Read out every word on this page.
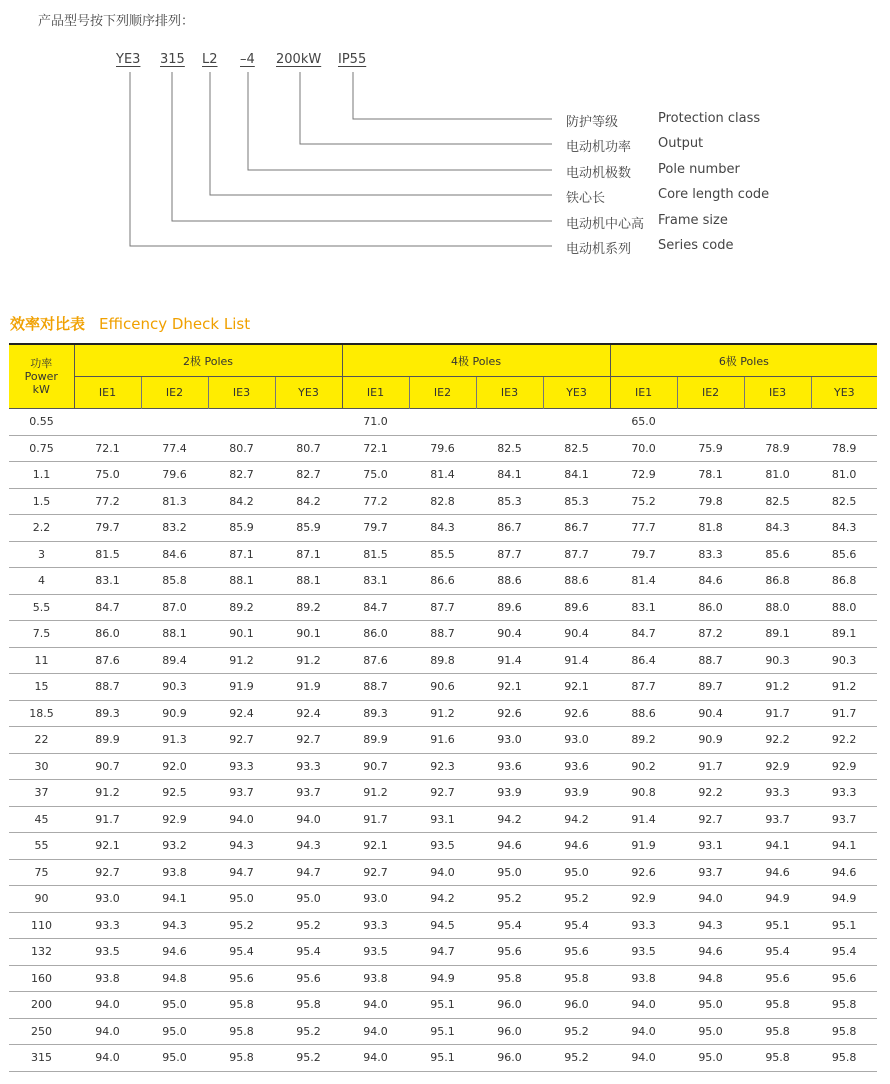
产品型号按下列顺序排列：
YE3 315 L2 –4 200kW IP55
防护等级	Protection class
电动机功率 Output
电动机极数 Pole number
铁心长	Core length code
电动机中心高 Frame size
电动机系列 Series code
效率对比表 Efficency Dheck List
功率
Power
kW	2极 Poles				4极 Poles				6极 Poles			
	IE1	IE2	IE3	YE3	IE1	IE2	IE3	YE3	IE1	IE2	IE3	YE3
0.55					71.0				65.0			
0.75	72.1	77.4	80.7	80.7	72.1	79.6	82.5	82.5	70.0	75.9	78.9	78.9
1.1	75.0	79.6	82.7	82.7	75.0	81.4	84.1	84.1	72.9	78.1	81.0	81.0
1.5	77.2	81.3	84.2	84.2	77.2	82.8	85.3	85.3	75.2	79.8	82.5	82.5
2.2	79.7	83.2	85.9	85.9	79.7	84.3	86.7	86.7	77.7	81.8	84.3	84.3
3	81.5	84.6	87.1	87.1	81.5	85.5	87.7	87.7	79.7	83.3	85.6	85.6
4	83.1	85.8	88.1	88.1	83.1	86.6	88.6	88.6	81.4	84.6	86.8	86.8
5.5	84.7	87.0	89.2	89.2	84.7	87.7	89.6	89.6	83.1	86.0	88.0	88.0
7.5	86.0	88.1	90.1	90.1	86.0	88.7	90.4	90.4	84.7	87.2	89.1	89.1
11	87.6	89.4	91.2	91.2	87.6	89.8	91.4	91.4	86.4	88.7	90.3	90.3
15	88.7	90.3	91.9	91.9	88.7	90.6	92.1	92.1	87.7	89.7	91.2	91.2
18.5	89.3	90.9	92.4	92.4	89.3	91.2	92.6	92.6	88.6	90.4	91.7	91.7
22	89.9	91.3	92.7	92.7	89.9	91.6	93.0	93.0	89.2	90.9	92.2	92.2
30	90.7	92.0	93.3	93.3	90.7	92.3	93.6	93.6	90.2	91.7	92.9	92.9
37	91.2	92.5	93.7	93.7	91.2	92.7	93.9	93.9	90.8	92.2	93.3	93.3
45	91.7	92.9	94.0	94.0	91.7	93.1	94.2	94.2	91.4	92.7	93.7	93.7
55	92.1	93.2	94.3	94.3	92.1	93.5	94.6	94.6	91.9	93.1	94.1	94.1
75	92.7	93.8	94.7	94.7	92.7	94.0	95.0	95.0	92.6	93.7	94.6	94.6
90	93.0	94.1	95.0	95.0	93.0	94.2	95.2	95.2	92.9	94.0	94.9	94.9
110	93.3	94.3	95.2	95.2	93.3	94.5	95.4	95.4	93.3	94.3	95.1	95.1
132	93.5	94.6	95.4	95.4	93.5	94.7	95.6	95.6	93.5	94.6	95.4	95.4
160	93.8	94.8	95.6	95.6	93.8	94.9	95.8	95.8	93.8	94.8	95.6	95.6
200	94.0	95.0	95.8	95.8	94.0	95.1	96.0	96.0	94.0	95.0	95.8	95.8
250	94.0	95.0	95.8	95.2	94.0	95.1	96.0	95.2	94.0	95.0	95.8	95.8
315	94.0	95.0	95.8	95.2	94.0	95.1	96.0	95.2	94.0	95.0	95.8	95.8
